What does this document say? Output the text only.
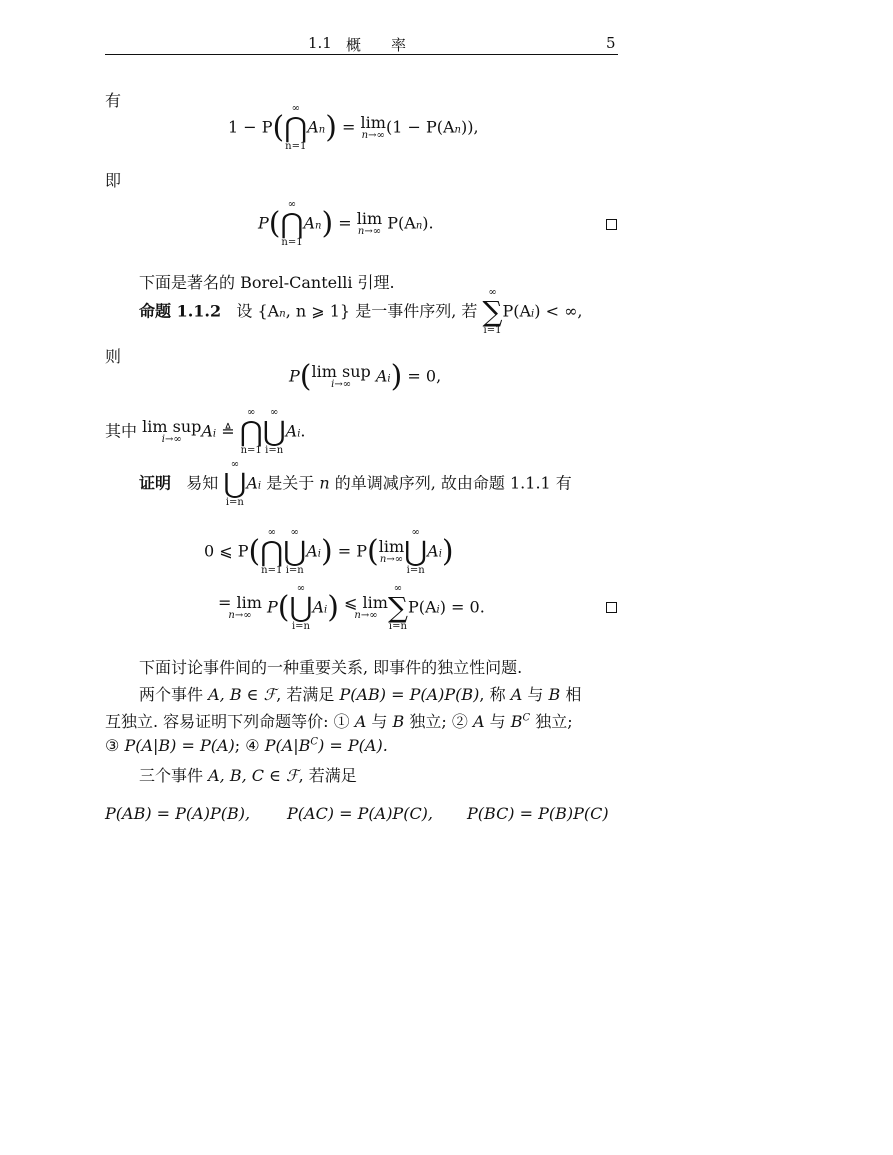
1.1 概　　率	5
有
1 − P(
∞
⋂
n=1
An) = lim
n→∞ (1 − P(An)),
即
P(
∞
⋂
n=1
An) = lim
n→∞ P(An).
下面是著名的 Borel-Cantelli 引理.
命题 1.1.2 设 {An, n ⩾ 1} 是一事件序列, 若
∞
∑
i=1
P(Ai) < ∞,
则
P( lim sup
i→∞ Ai) = 0,
其中 lim sup
i→∞ Ai ≜
∞
⋂
n=1
∞
⋃
i=n
Ai.
证明 易知
∞
⋃
i=n
Ai 是关于 n 的单调减序列, 故由命题 1.1.1 有
0 ⩽ P(
∞
⋂
n=1
∞
⋃
i=n
Ai) = P( lim
n→∞
∞
⋃
i=n
Ai)
= lim
n→∞ P(
∞
⋃
i=n
Ai) ⩽ lim
n→∞
∞
∑
i=n
P(Ai) = 0.
下面讨论事件间的一种重要关系, 即事件的独立性问题.
两个事件 A, B ∈ ℱ, 若满足 P(AB) = P(A)P(B), 称 A 与 B 相
互独立. 容易证明下列命题等价: ① A 与 B 独立; ② A 与 $B^C$ 独立;
③ P(A|B) = P(A); ④ $P(A|B^C) = P(A)$.
三个事件 A, B, C ∈ ℱ, 若满足
P(AB) = P(A)P(B), P(AC) = P(A)P(C), P(BC) = P(B)P(C)
